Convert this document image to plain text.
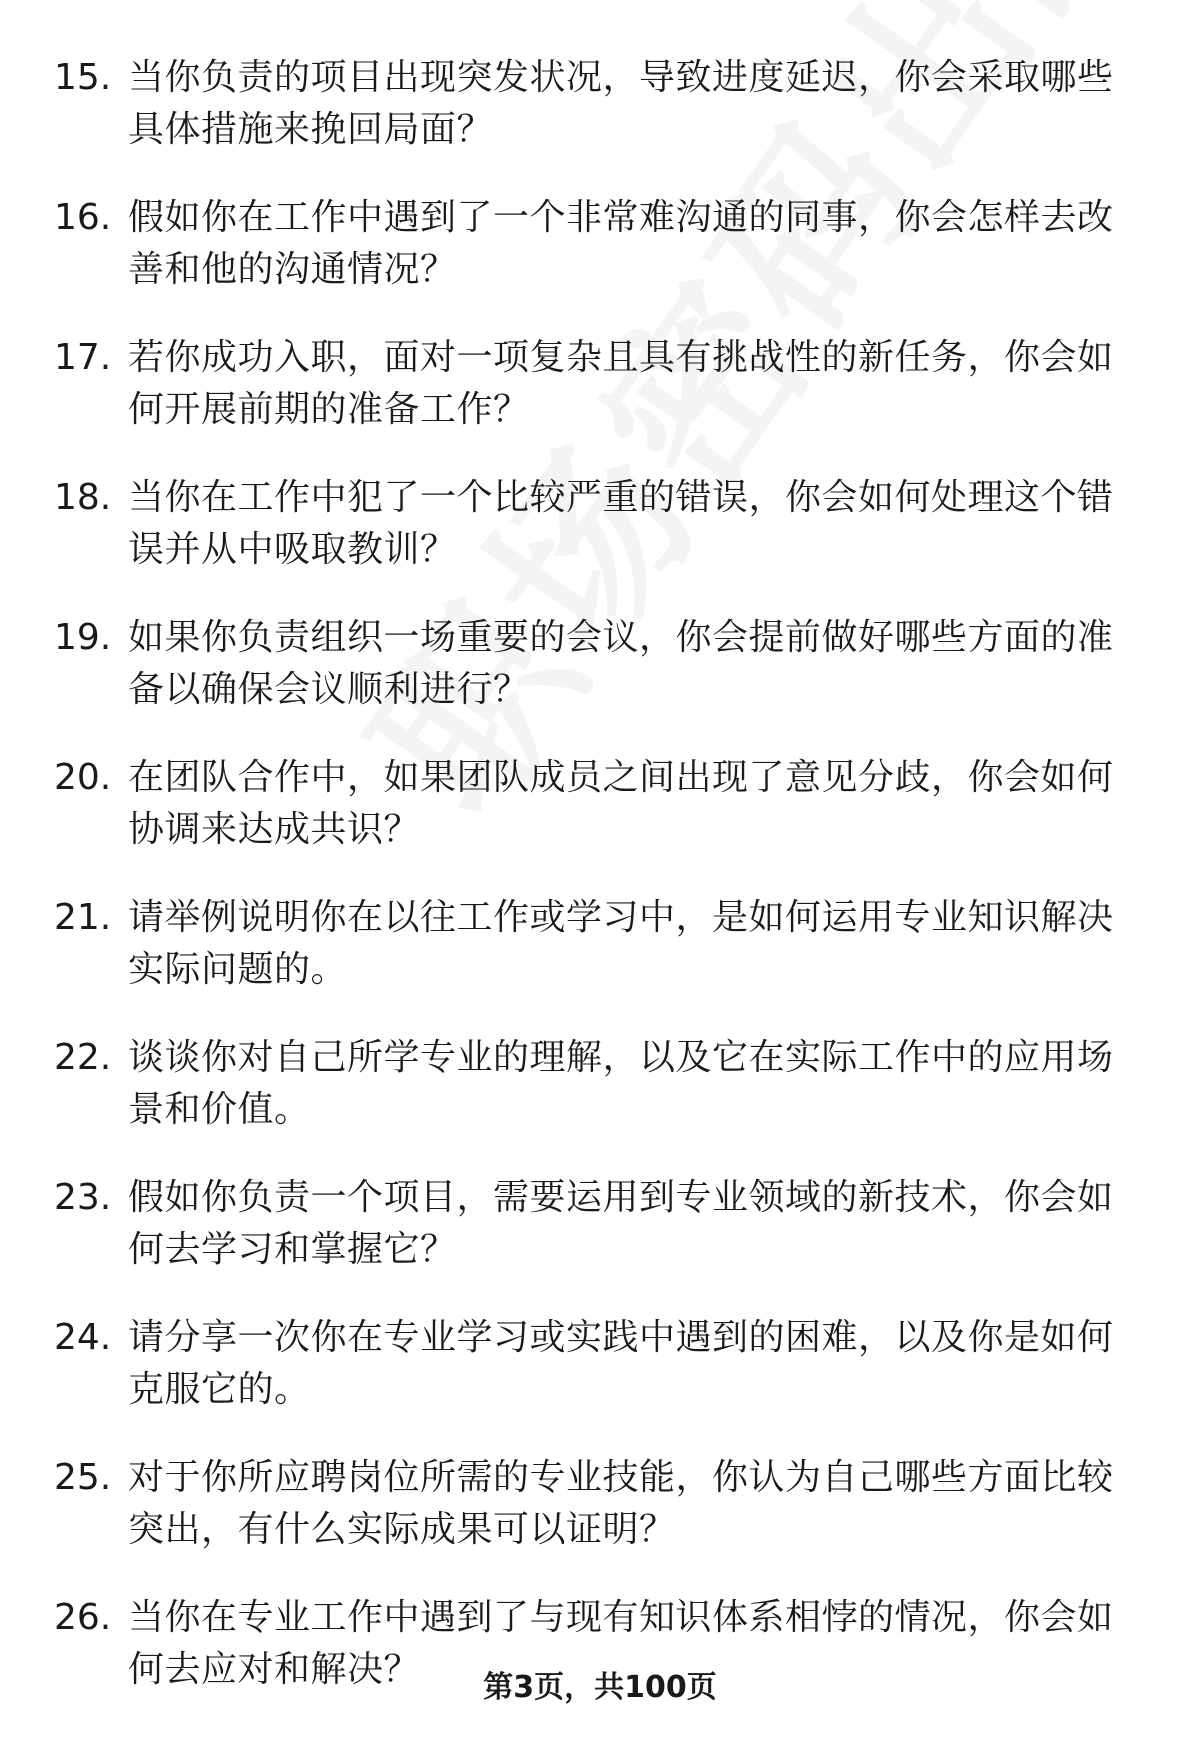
15. 当你负责的项目出现突发状况，导致进度延迟，你会采取哪些具体措施来挽回局面？
16. 假如你在工作中遇到了一个非常难沟通的同事，你会怎样去改善和他的沟通情况？
17. 若你成功入职，面对一项复杂且具有挑战性的新任务，你会如何开展前期的准备工作？
18. 当你在工作中犯了一个比较严重的错误，你会如何处理这个错误并从中吸取教训？
19. 如果你负责组织一场重要的会议，你会提前做好哪些方面的准备以确保会议顺利进行？
20. 在团队合作中，如果团队成员之间出现了意见分歧，你会如何协调来达成共识？
21. 请举例说明你在以往工作或学习中，是如何运用专业知识解决实际问题的。
22. 谈谈你对自己所学专业的理解，以及它在实际工作中的应用场景和价值。
23. 假如你负责一个项目，需要运用到专业领域的新技术，你会如何去学习和掌握它？
24. 请分享一次你在专业学习或实践中遇到的困难，以及你是如何克服它的。
25. 对于你所应聘岗位所需的专业技能，你认为自己哪些方面比较突出，有什么实际成果可以证明？
26. 当你在专业工作中遇到了与现有知识体系相悖的情况，你会如何去应对和解决？	第3页，共100页
